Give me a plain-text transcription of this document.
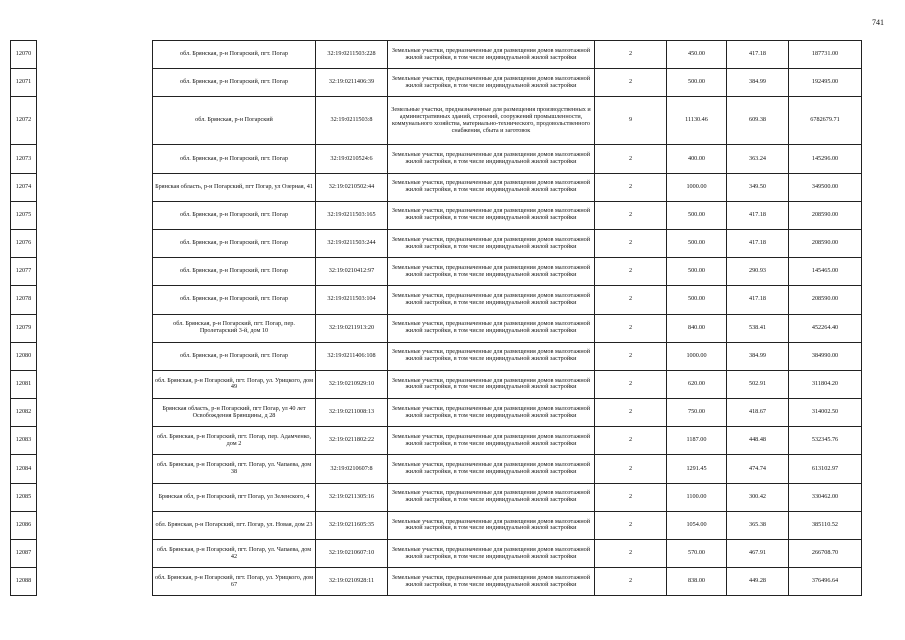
741
12070		обл. Брянская, р-н Погарский, пгт. Погар	32:19:0211503:228	Земельные участки, предназначенные для размещения домов малоэтажной жилой застройки, в том числе индивидуальной жилой застройки	2	450.00	417.18	187731.00
12071		обл. Брянская, р-н Погарский, пгт. Погар	32:19:0211406:39	Земельные участки, предназначенные для размещения домов малоэтажной жилой застройки, в том числе индивидуальной жилой застройки	2	500.00	384.99	192495.00
12072		обл. Брянская, р-н Погарский	32:19:0211503:8	Земельные участки, предназначенные для размещения производственных и административных зданий, строений, сооружений промышленности, коммунального хозяйства, материально-технического, продовольственного снабжения, сбыта и заготовок	9	11130.46	609.38	6782679.71
12073		обл. Брянская, р-н Погарский, пгт. Погар	32:19:0210524:6	Земельные участки, предназначенные для размещения домов малоэтажной жилой застройки, в том числе индивидуальной жилой застройки	2	400.00	363.24	145296.00
12074		Брянская область, р-н Погарский, пгт Погар, ул Озерная, 41	32:19:0210502:44	Земельные участки, предназначенные для размещения домов малоэтажной жилой застройки, в том числе индивидуальной жилой застройки	2	1000.00	349.50	349500.00
12075		обл. Брянская, р-н Погарский, пгт. Погар	32:19:0211503:165	Земельные участки, предназначенные для размещения домов малоэтажной жилой застройки, в том числе индивидуальной жилой застройки	2	500.00	417.18	208590.00
12076		обл. Брянская, р-н Погарский, пгт. Погар	32:19:0211503:244	Земельные участки, предназначенные для размещения домов малоэтажной жилой застройки, в том числе индивидуальной жилой застройки	2	500.00	417.18	208590.00
12077		обл. Брянская, р-н Погарский, пгт. Погар	32:19:0210412:97	Земельные участки, предназначенные для размещения домов малоэтажной жилой застройки, в том числе индивидуальной жилой застройки	2	500.00	290.93	145465.00
12078		обл. Брянская, р-н Погарский, пгт. Погар	32:19:0211503:104	Земельные участки, предназначенные для размещения домов малоэтажной жилой застройки, в том числе индивидуальной жилой застройки	2	500.00	417.18	208590.00
12079		обл. Брянская, р-н Погарский, пгт. Погар, пер. Пролетарский 3-й, дом 10	32:19:0211913:20	Земельные участки, предназначенные для размещения домов малоэтажной жилой застройки, в том числе индивидуальной жилой застройки	2	840.00	538.41	452264.40
12080		обл. Брянская, р-н Погарский, пгт. Погар	32:19:0211406:108	Земельные участки, предназначенные для размещения домов малоэтажной жилой застройки, в том числе индивидуальной жилой застройки	2	1000.00	384.99	384990.00
12081		обл. Брянская, р-н Погарский, пгт. Погар, ул. Урицкого, дом 49	32:19:0210929:10	Земельные участки, предназначенные для размещения домов малоэтажной жилой застройки, в том числе индивидуальной жилой застройки	2	620.00	502.91	311804.20
12082		Брянская область, р-н Погарский, пгт Погар, ул 40 лет Освобождения Брянщины, д 28	32:19:0211008:13	Земельные участки, предназначенные для размещения домов малоэтажной жилой застройки, в том числе индивидуальной жилой застройки	2	750.00	418.67	314002.50
12083		обл. Брянская, р-н Погарский, пгт. Погар, пер. Адамченко, дом 2	32:19:0211802:22	Земельные участки, предназначенные для размещения домов малоэтажной жилой застройки, в том числе индивидуальной жилой застройки	2	1187.00	448.48	532345.76
12084		обл. Брянская, р-н Погарский, пгт. Погар, ул. Чапаева, дом 38	32:19:0210607:8	Земельные участки, предназначенные для размещения домов малоэтажной жилой застройки, в том числе индивидуальной жилой застройки	2	1291.45	474.74	613102.97
12085		Брянская обл, р-н Погарский, пгт Погар, ул Зеленского, 4	32:19:0211305:16	Земельные участки, предназначенные для размещения домов малоэтажной жилой застройки, в том числе индивидуальной жилой застройки	2	1100.00	300.42	330462.00
12086		обл. Брянская, р-н Погарский, пгт. Погар, ул. Новая, дом 23	32:19:0211605:35	Земельные участки, предназначенные для размещения домов малоэтажной жилой застройки, в том числе индивидуальной жилой застройки	2	1054.00	365.38	385110.52
12087		обл. Брянская, р-н Погарский, пгт. Погар, ул. Чапаева, дом 42	32:19:0210607:10	Земельные участки, предназначенные для размещения домов малоэтажной жилой застройки, в том числе индивидуальной жилой застройки	2	570.00	467.91	266708.70
12088		обл. Брянская, р-н Погарский, пгт. Погар, ул. Урицкого, дом 67	32:19:0210928:11	Земельные участки, предназначенные для размещения домов малоэтажной жилой застройки, в том числе индивидуальной жилой застройки	2	838.00	449.28	376496.64
